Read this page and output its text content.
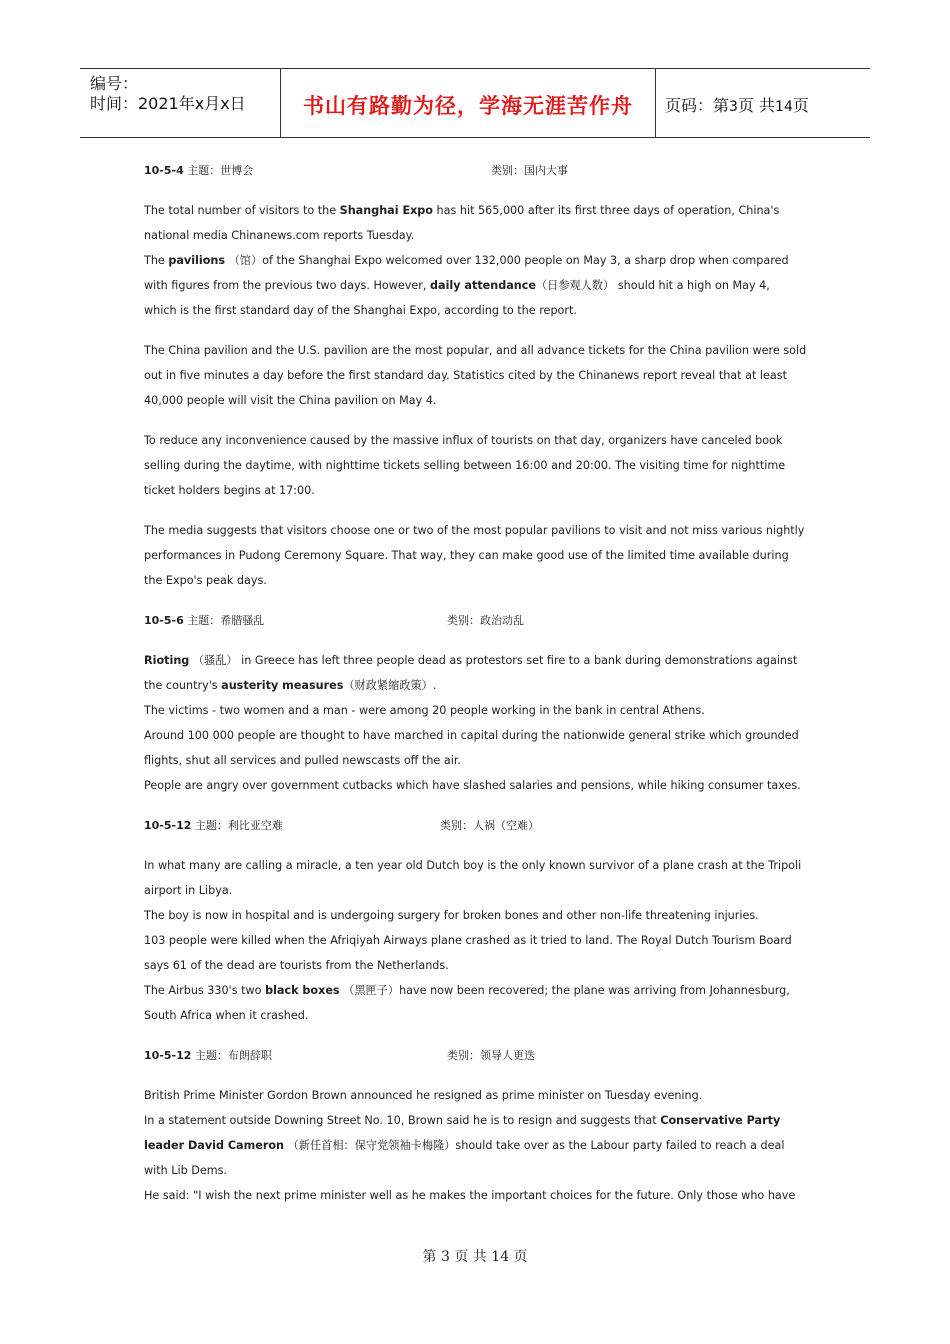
编号：
时间：2021年x月x日	书山有路勤为径，学海无涯苦作舟	页码：第3页 共14页
10-5-4 主题：世博会	类别：国内大事
The total number of visitors to the Shanghai Expo has hit 565,000 after its first three days of operation, China's
national media Chinanews.com reports Tuesday.
The pavilions （馆）of the Shanghai Expo welcomed over 132,000 people on May 3, a sharp drop when compared
with figures from the previous two days. However, daily attendance（日参观人数） should hit a high on May 4,
which is the first standard day of the Shanghai Expo, according to the report.
The China pavilion and the U.S. pavilion are the most popular, and all advance tickets for the China pavilion were sold
out in five minutes a day before the first standard day. Statistics cited by the Chinanews report reveal that at least
40,000 people will visit the China pavilion on May 4.
To reduce any inconvenience caused by the massive influx of tourists on that day, organizers have canceled book
selling during the daytime, with nighttime tickets selling between 16:00 and 20:00. The visiting time for nighttime
ticket holders begins at 17:00.
The media suggests that visitors choose one or two of the most popular pavilions to visit and not miss various nightly
performances in Pudong Ceremony Square. That way, they can make good use of the limited time available during
the Expo's peak days.
10-5-6 主题：希腊骚乱	类别：政治动乱
Rioting （骚乱） in Greece has left three people dead as protestors set fire to a bank during demonstrations against
the country's austerity measures（财政紧缩政策）.
The victims - two women and a man - were among 20 people working in the bank in central Athens.
Around 100 000 people are thought to have marched in capital during the nationwide general strike which grounded
flights, shut all services and pulled newscasts off the air.
People are angry over government cutbacks which have slashed salaries and pensions, while hiking consumer taxes.
10-5-12 主题：利比亚空难	类别：人祸（空难）
In what many are calling a miracle, a ten year old Dutch boy is the only known survivor of a plane crash at the Tripoli
airport in Libya.
The boy is now in hospital and is undergoing surgery for broken bones and other non-life threatening injuries.
103 people were killed when the Afriqiyah Airways plane crashed as it tried to land. The Royal Dutch Tourism Board
says 61 of the dead are tourists from the Netherlands.
The Airbus 330's two black boxes （黑匣子）have now been recovered; the plane was arriving from Johannesburg,
South Africa when it crashed.
10-5-12 主题：布朗辞职	类别：领导人更迭
British Prime Minister Gordon Brown announced he resigned as prime minister on Tuesday evening.
In a statement outside Downing Street No. 10, Brown said he is to resign and suggests that Conservative Party
leader David Cameron （新任首相：保守党领袖卡梅隆）should take over as the Labour party failed to reach a deal
with Lib Dems.
He said: "I wish the next prime minister well as he makes the important choices for the future. Only those who have
第 3 页 共 14 页
